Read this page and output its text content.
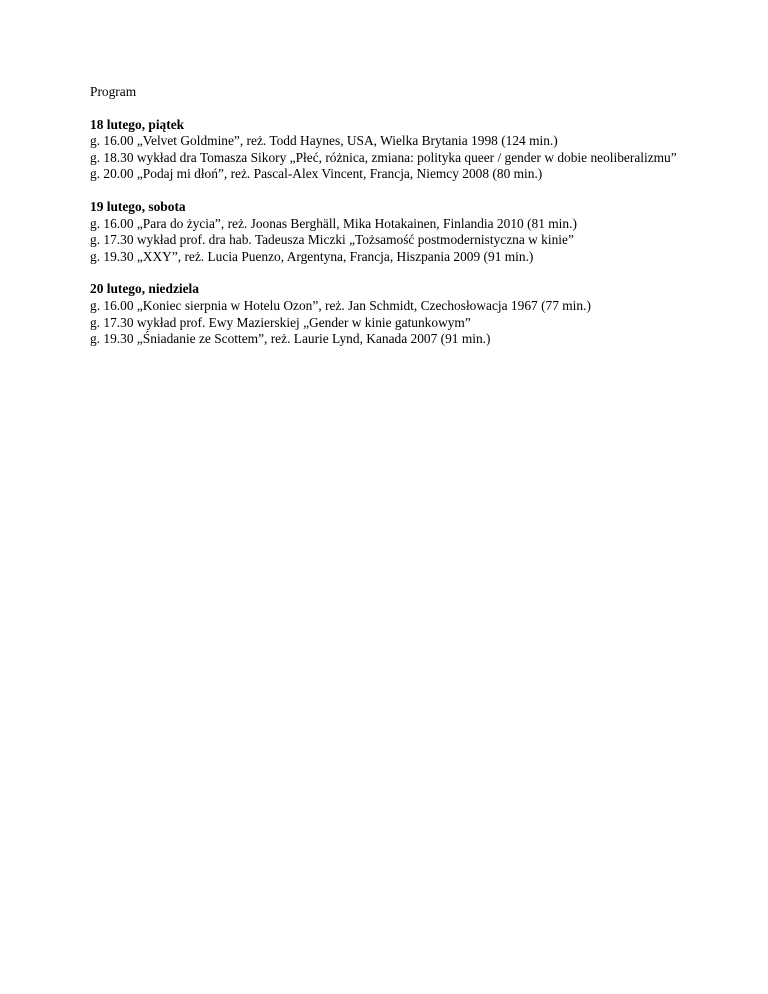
Program
18 lutego, piątek
g. 16.00 „Velvet Goldmine”, reż. Todd Haynes, USA, Wielka Brytania 1998 (124 min.)
g. 18.30 wykład dra Tomasza Sikory „Płeć, różnica, zmiana: polityka queer / gender w dobie neoliberalizmu”
g. 20.00 „Podaj mi dłoń”, reż. Pascal-Alex Vincent, Francja, Niemcy 2008 (80 min.)
19 lutego, sobota
g. 16.00 „Para do życia”, reż. Joonas Berghäll, Mika Hotakainen, Finlandia 2010 (81 min.)
g. 17.30 wykład prof. dra hab. Tadeusza Miczki „Tożsamość postmodernistyczna w kinie”
g. 19.30 „XXY”, reż. Lucia Puenzo, Argentyna, Francja, Hiszpania 2009 (91 min.)
20 lutego, niedziela
g. 16.00 „Koniec sierpnia w Hotelu Ozon”, reż. Jan Schmidt, Czechosłowacja 1967 (77 min.)
g. 17.30 wykład prof. Ewy Mazierskiej „Gender w kinie gatunkowym”
g. 19.30 „Śniadanie ze Scottem”, reż. Laurie Lynd, Kanada 2007 (91 min.)
